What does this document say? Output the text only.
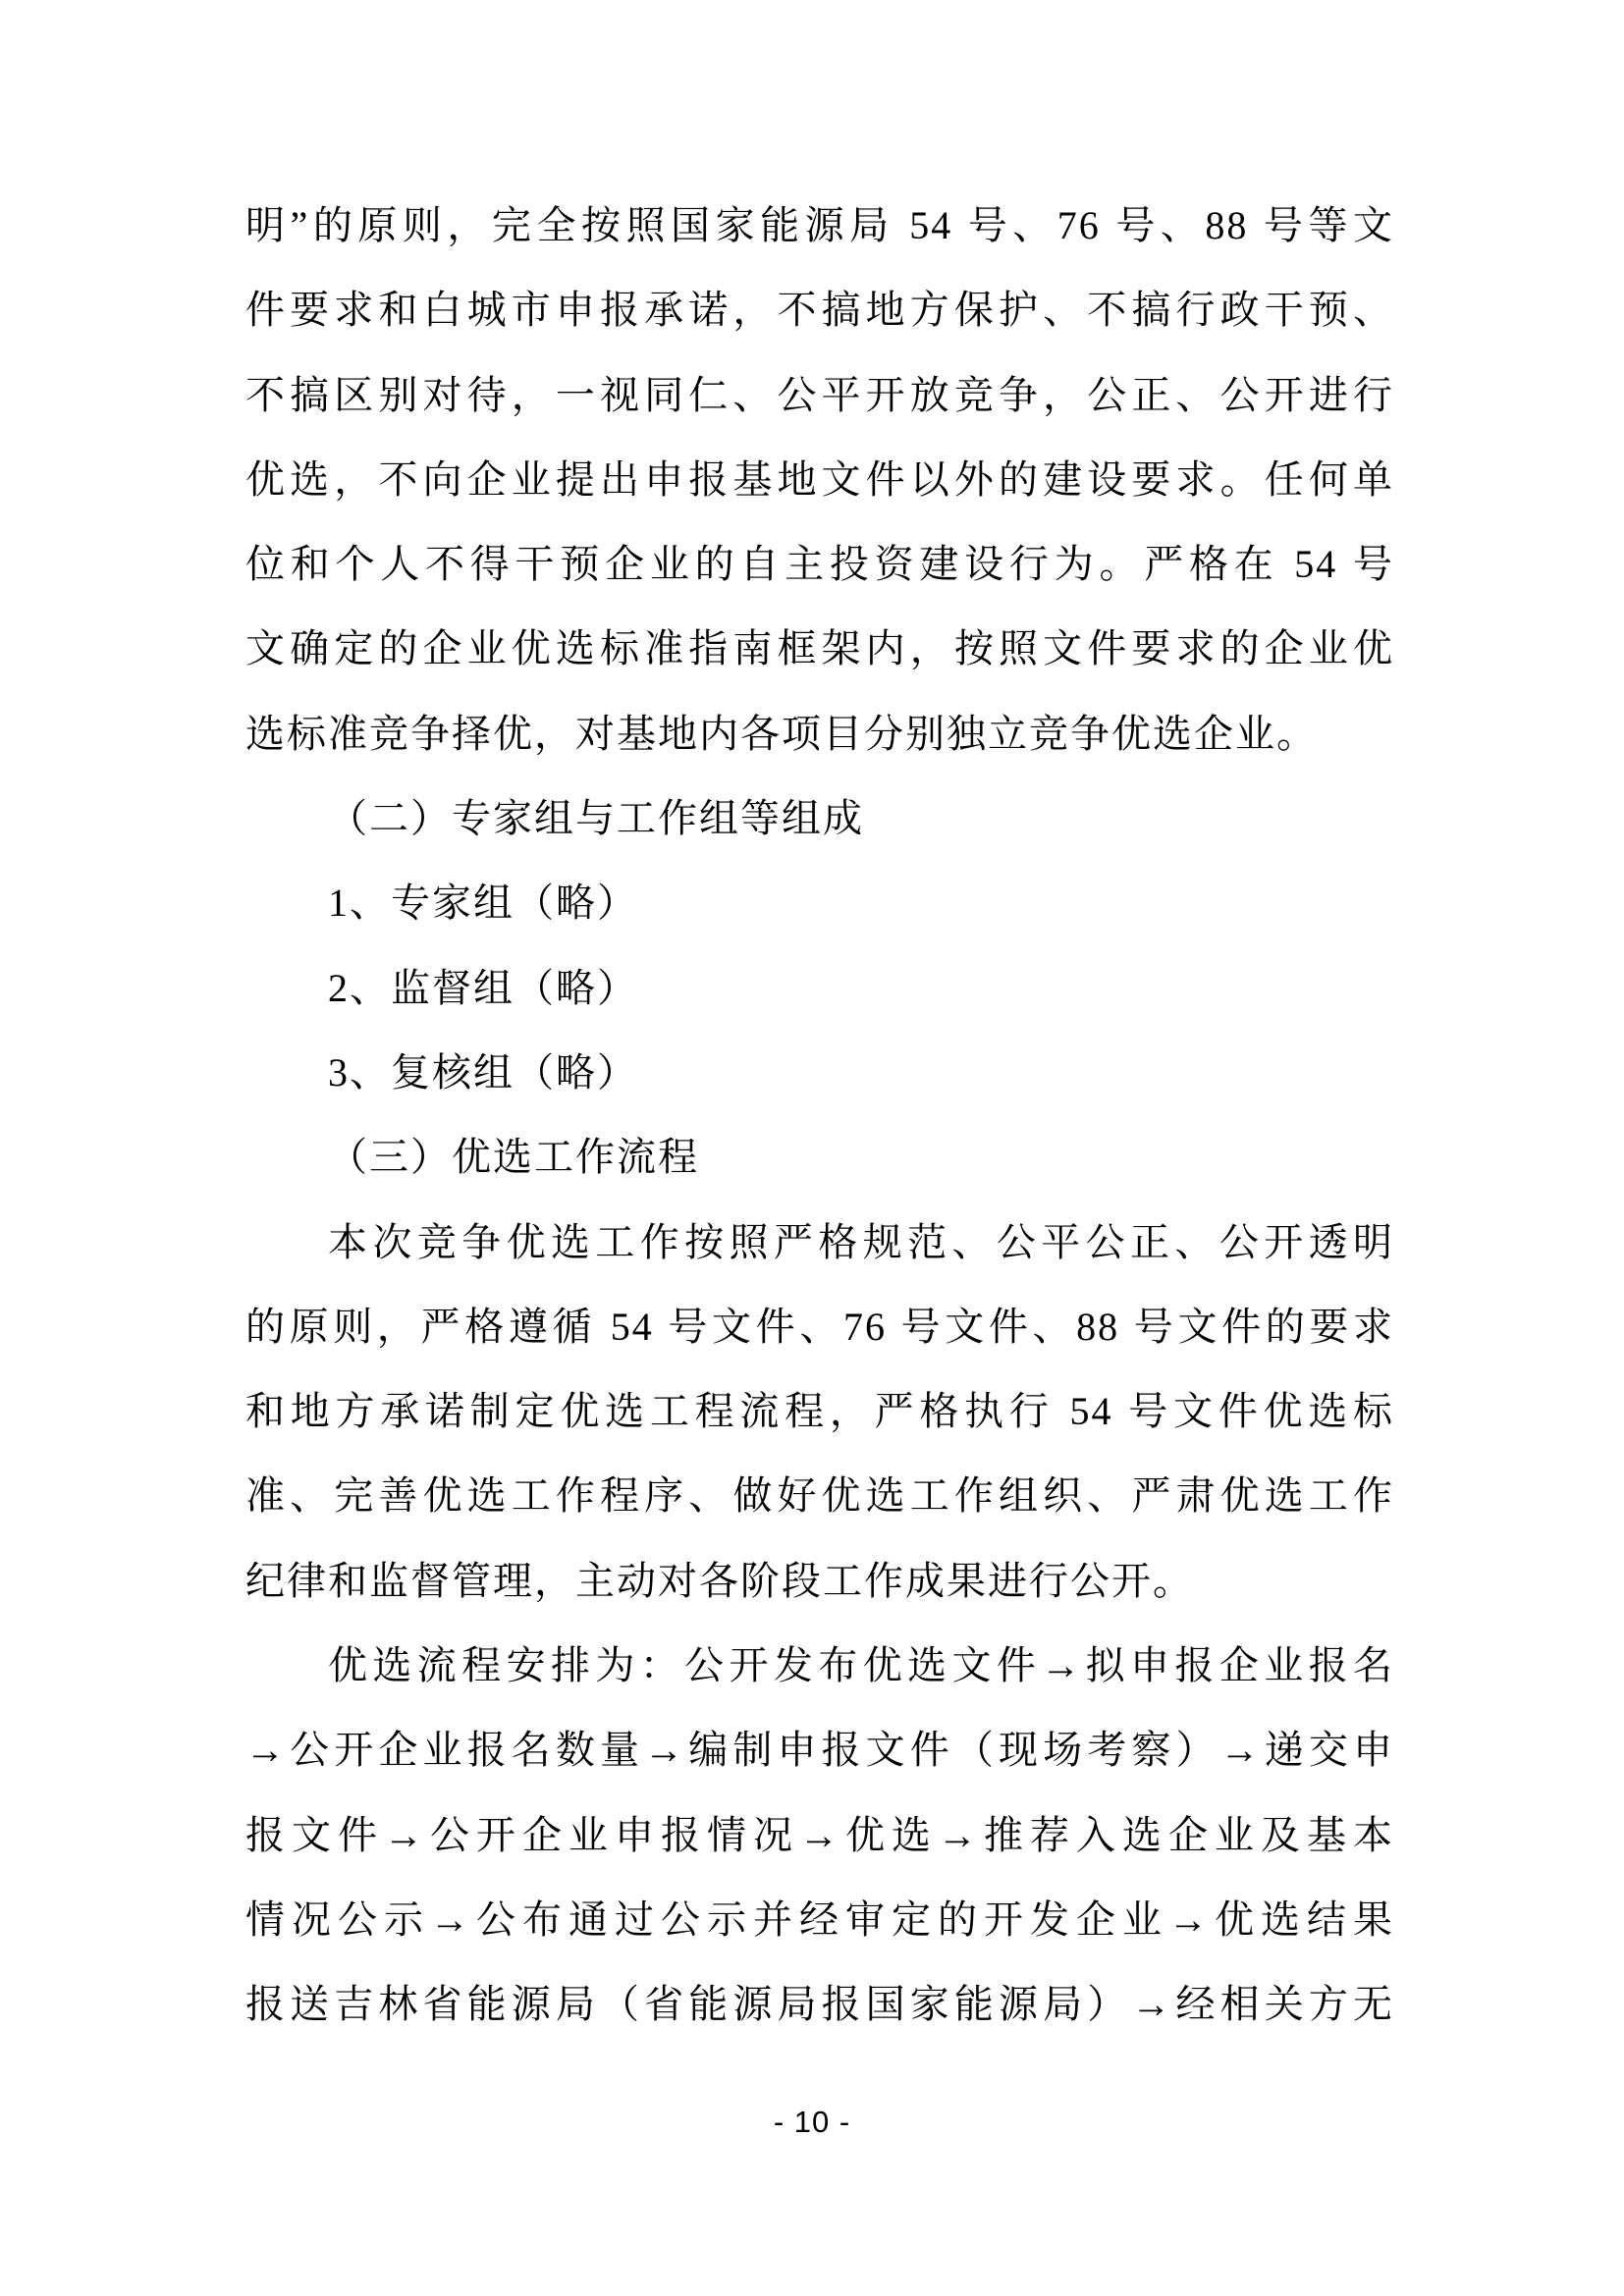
明”的原则，完全按照国家能源局 54 号、76 号、88 号等文
件要求和白城市申报承诺，不搞地方保护、不搞行政干预、
不搞区别对待，一视同仁、公平开放竞争，公正、公开进行
优选，不向企业提出申报基地文件以外的建设要求。任何单
位和个人不得干预企业的自主投资建设行为。严格在 54 号
文确定的企业优选标准指南框架内，按照文件要求的企业优
选标准竞争择优，对基地内各项目分别独立竞争优选企业。
（二）专家组与工作组等组成
1、专家组（略）
2、监督组（略）
3、复核组（略）
（三）优选工作流程
本次竞争优选工作按照严格规范、公平公正、公开透明
的原则，严格遵循 54 号文件、76 号文件、88 号文件的要求
和地方承诺制定优选工程流程，严格执行 54 号文件优选标
准、完善优选工作程序、做好优选工作组织、严肃优选工作
纪律和监督管理，主动对各阶段工作成果进行公开。
优选流程安排为：公开发布优选文件→拟申报企业报名
→公开企业报名数量→编制申报文件（现场考察）→递交申
报文件→公开企业申报情况→优选→推荐入选企业及基本
情况公示→公布通过公示并经审定的开发企业→优选结果
报送吉林省能源局（省能源局报国家能源局）→经相关方无
- 10 -
